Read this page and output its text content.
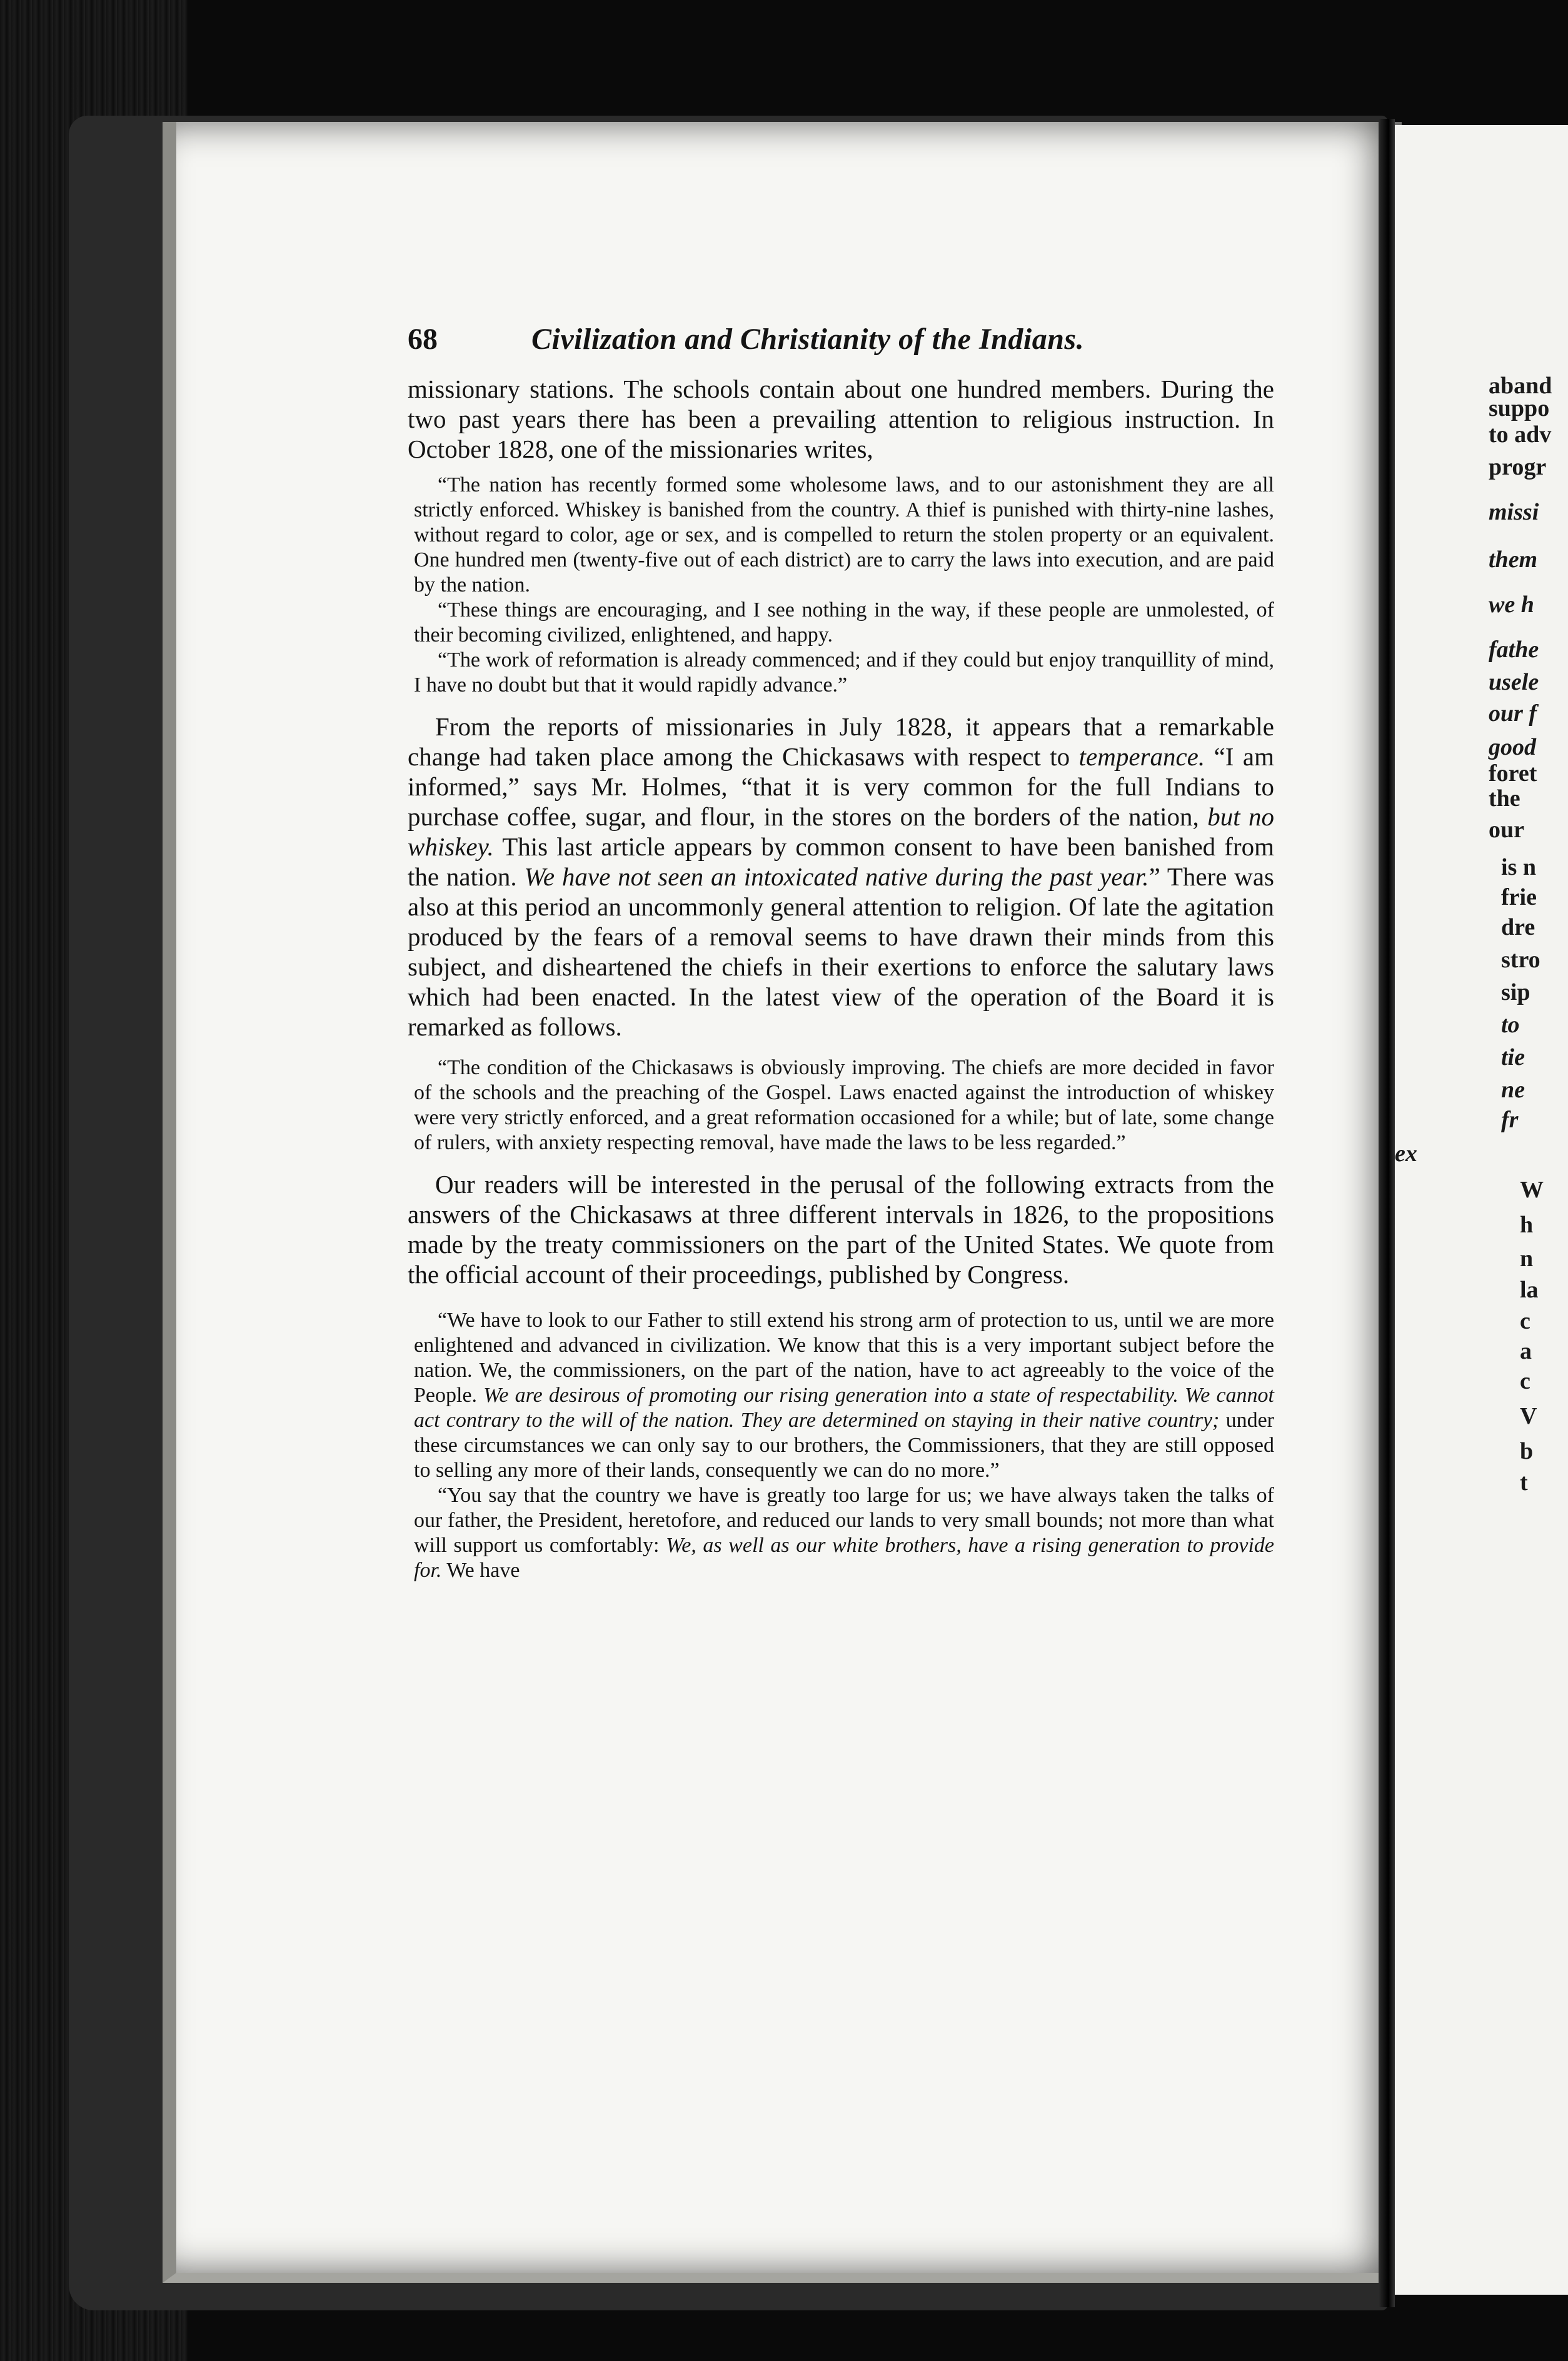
aband
suppo
to adv
progr
missi
them
we h
fathe
usele
our f
good
foret
the
our
is n
frie
dre
stro
sip
to
tie
ne
fr
ex
W
h
n
la
c
a
c
V
b
t
68	Civilization and Christianity of the Indians.

missionary stations. The schools contain about one hundred members. During the two past years there has been a prevailing attention to religious instruction. In October 1828, one of the missionaries writes,

“The nation has recently formed some wholesome laws, and to our astonishment they are all strictly enforced. Whiskey is banished from the country. A thief is punished with thirty-nine lashes, without regard to color, age or sex, and is compelled to return the stolen property or an equivalent. One hundred men (twenty-five out of each district) are to carry the laws into execution, and are paid by the nation.

“These things are encouraging, and I see nothing in the way, if these people are unmolested, of their becoming civilized, enlightened, and happy.

“The work of reformation is already commenced; and if they could but enjoy tranquillity of mind, I have no doubt but that it would rapidly advance.”

From the reports of missionaries in July 1828, it appears that a remarkable change had taken place among the Chickasaws with respect to temperance. “I am informed,” says Mr. Holmes, “that it is very common for the full Indians to purchase coffee, sugar, and flour, in the stores on the borders of the nation, but no whiskey. This last article appears by common consent to have been banished from the nation. We have not seen an intoxicated native during the past year.” There was also at this period an uncommonly general attention to religion. Of late the agitation produced by the fears of a removal seems to have drawn their minds from this subject, and disheartened the chiefs in their exertions to enforce the salutary laws which had been enacted. In the latest view of the operation of the Board it is remarked as follows.

“The condition of the Chickasaws is obviously improving. The chiefs are more decided in favor of the schools and the preaching of the Gospel. Laws enacted against the introduction of whiskey were very strictly enforced, and a great reformation occasioned for a while; but of late, some change of rulers, with anxiety respecting removal, have made the laws to be less regarded.”

Our readers will be interested in the perusal of the following extracts from the answers of the Chickasaws at three different intervals in 1826, to the propositions made by the treaty commissioners on the part of the United States. We quote from the official account of their proceedings, published by Congress.

“We have to look to our Father to still extend his strong arm of protection to us, until we are more enlightened and advanced in civilization. We know that this is a very important subject before the nation. We, the commissioners, on the part of the nation, have to act agreeably to the voice of the People. We are desirous of promoting our rising generation into a state of respectability. We cannot act contrary to the will of the nation. They are determined on staying in their native country; under these circumstances we can only say to our brothers, the Commissioners, that they are still opposed to selling any more of their lands, consequently we can do no more.”

“You say that the country we have is greatly too large for us; we have always taken the talks of our father, the President, heretofore, and reduced our lands to very small bounds; not more than what will support us comfortably: We, as well as our white brothers, have a rising generation to provide for. We have
